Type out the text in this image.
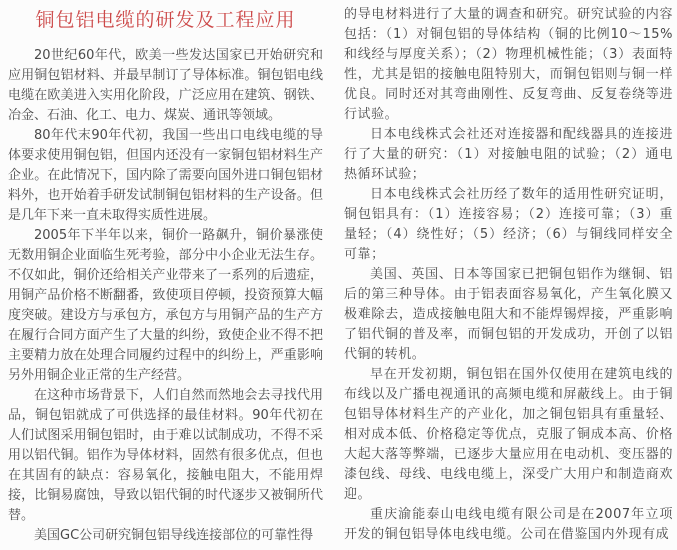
铜包铝电缆的研发及工程应用

20世纪60年代，欧美一些发达国家已开始研究和应用铜包铝材料、并最早制订了导体标准。铜包铝电线电缆在欧美进入实用化阶段，广泛应用在建筑、钢铁、冶金、石油、化工、电力、煤炭、通讯等领域。

80年代末90年代初，我国一些出口电线电缆的导体要求使用铜包铝，但国内还没有一家铜包铝材料生产企业。在此情况下，国内除了需要向国外进口铜包铝材料外，也开始着手研发试制铜包铝材料的生产设备。但是几年下来一直未取得实质性进展。

2005年下半年以来，铜价一路飙升，铜价暴涨使无数用铜企业面临生死考验，部分中小企业无法生存。不仅如此，铜价还给相关产业带来了一系列的后遗症，用铜产品价格不断翻番，致使项目停顿，投资预算大幅度突破。建设方与承包方，承包方与用铜产品的生产方在履行合同方面产生了大量的纠纷，致使企业不得不把主要精力放在处理合同履约过程中的纠纷上，严重影响另外用铜企业正常的生产经营。

在这种市场背景下，人们自然而然地会去寻找代用品，铜包铝就成了可供选择的最佳材料。90年代初在人们试图采用铜包铝时，由于难以试制成功，不得不采用以铝代铜。铝作为导体材料，固然有很多优点，但也在其固有的缺点：容易氧化，接触电阻大，不能用焊接，比铜易腐蚀，导致以铝代铜的时代逐步又被铜所代替。

美国GC公司研究铜包铝导线连接部位的可靠性得

的导电材料进行了大量的调查和研究。研究试验的内容包括：（1）对铜包铝的导体结构（铜的比例10～15%和线经与厚度关系）；（2）物理机械性能；（3）表面特性，尤其是铝的接触电阻特别大，而铜包铝则与铜一样优良。同时还对其弯曲刚性、反复弯曲、反复卷绕等进行试验。

日本电线株式会社还对连接器和配线器具的连接进行了大量的研究：（1）对接触电阻的试验；（2）通电热循环试验；

日本电线株式会社历经了数年的适用性研究证明，铜包铝具有：（1）连接容易；（2）连接可靠；（3）重量轻；（4）绕性好；（5）经济；（6）与铜线同样安全可靠；

美国、英国、日本等国家已把铜包铝作为继铜、铝后的第三种导体。由于铝表面容易氧化，产生氧化膜又极难除去，造成接触电阻大和不能焊锡焊接，严重影响了铝代铜的普及率，而铜包铝的开发成功，开创了以铝代铜的转机。

早在开发初期，铜包铝在国外仅使用在建筑电线的布线以及广播电视通讯的高频电缆和屏蔽线上。由于铜包铝导体材料生产的产业化，加之铜包铝具有重量轻、相对成本低、价格稳定等优点，克服了铜成本高、价格大起大落等弊端，已逐步大量应用在电动机、变压器的漆包线、母线、电线电缆上，深受广大用户和制造商欢迎。

重庆渝能泰山电线电缆有限公司是在2007年立项开发的铜包铝导体电线电缆。公司在借鉴国内外现有成
